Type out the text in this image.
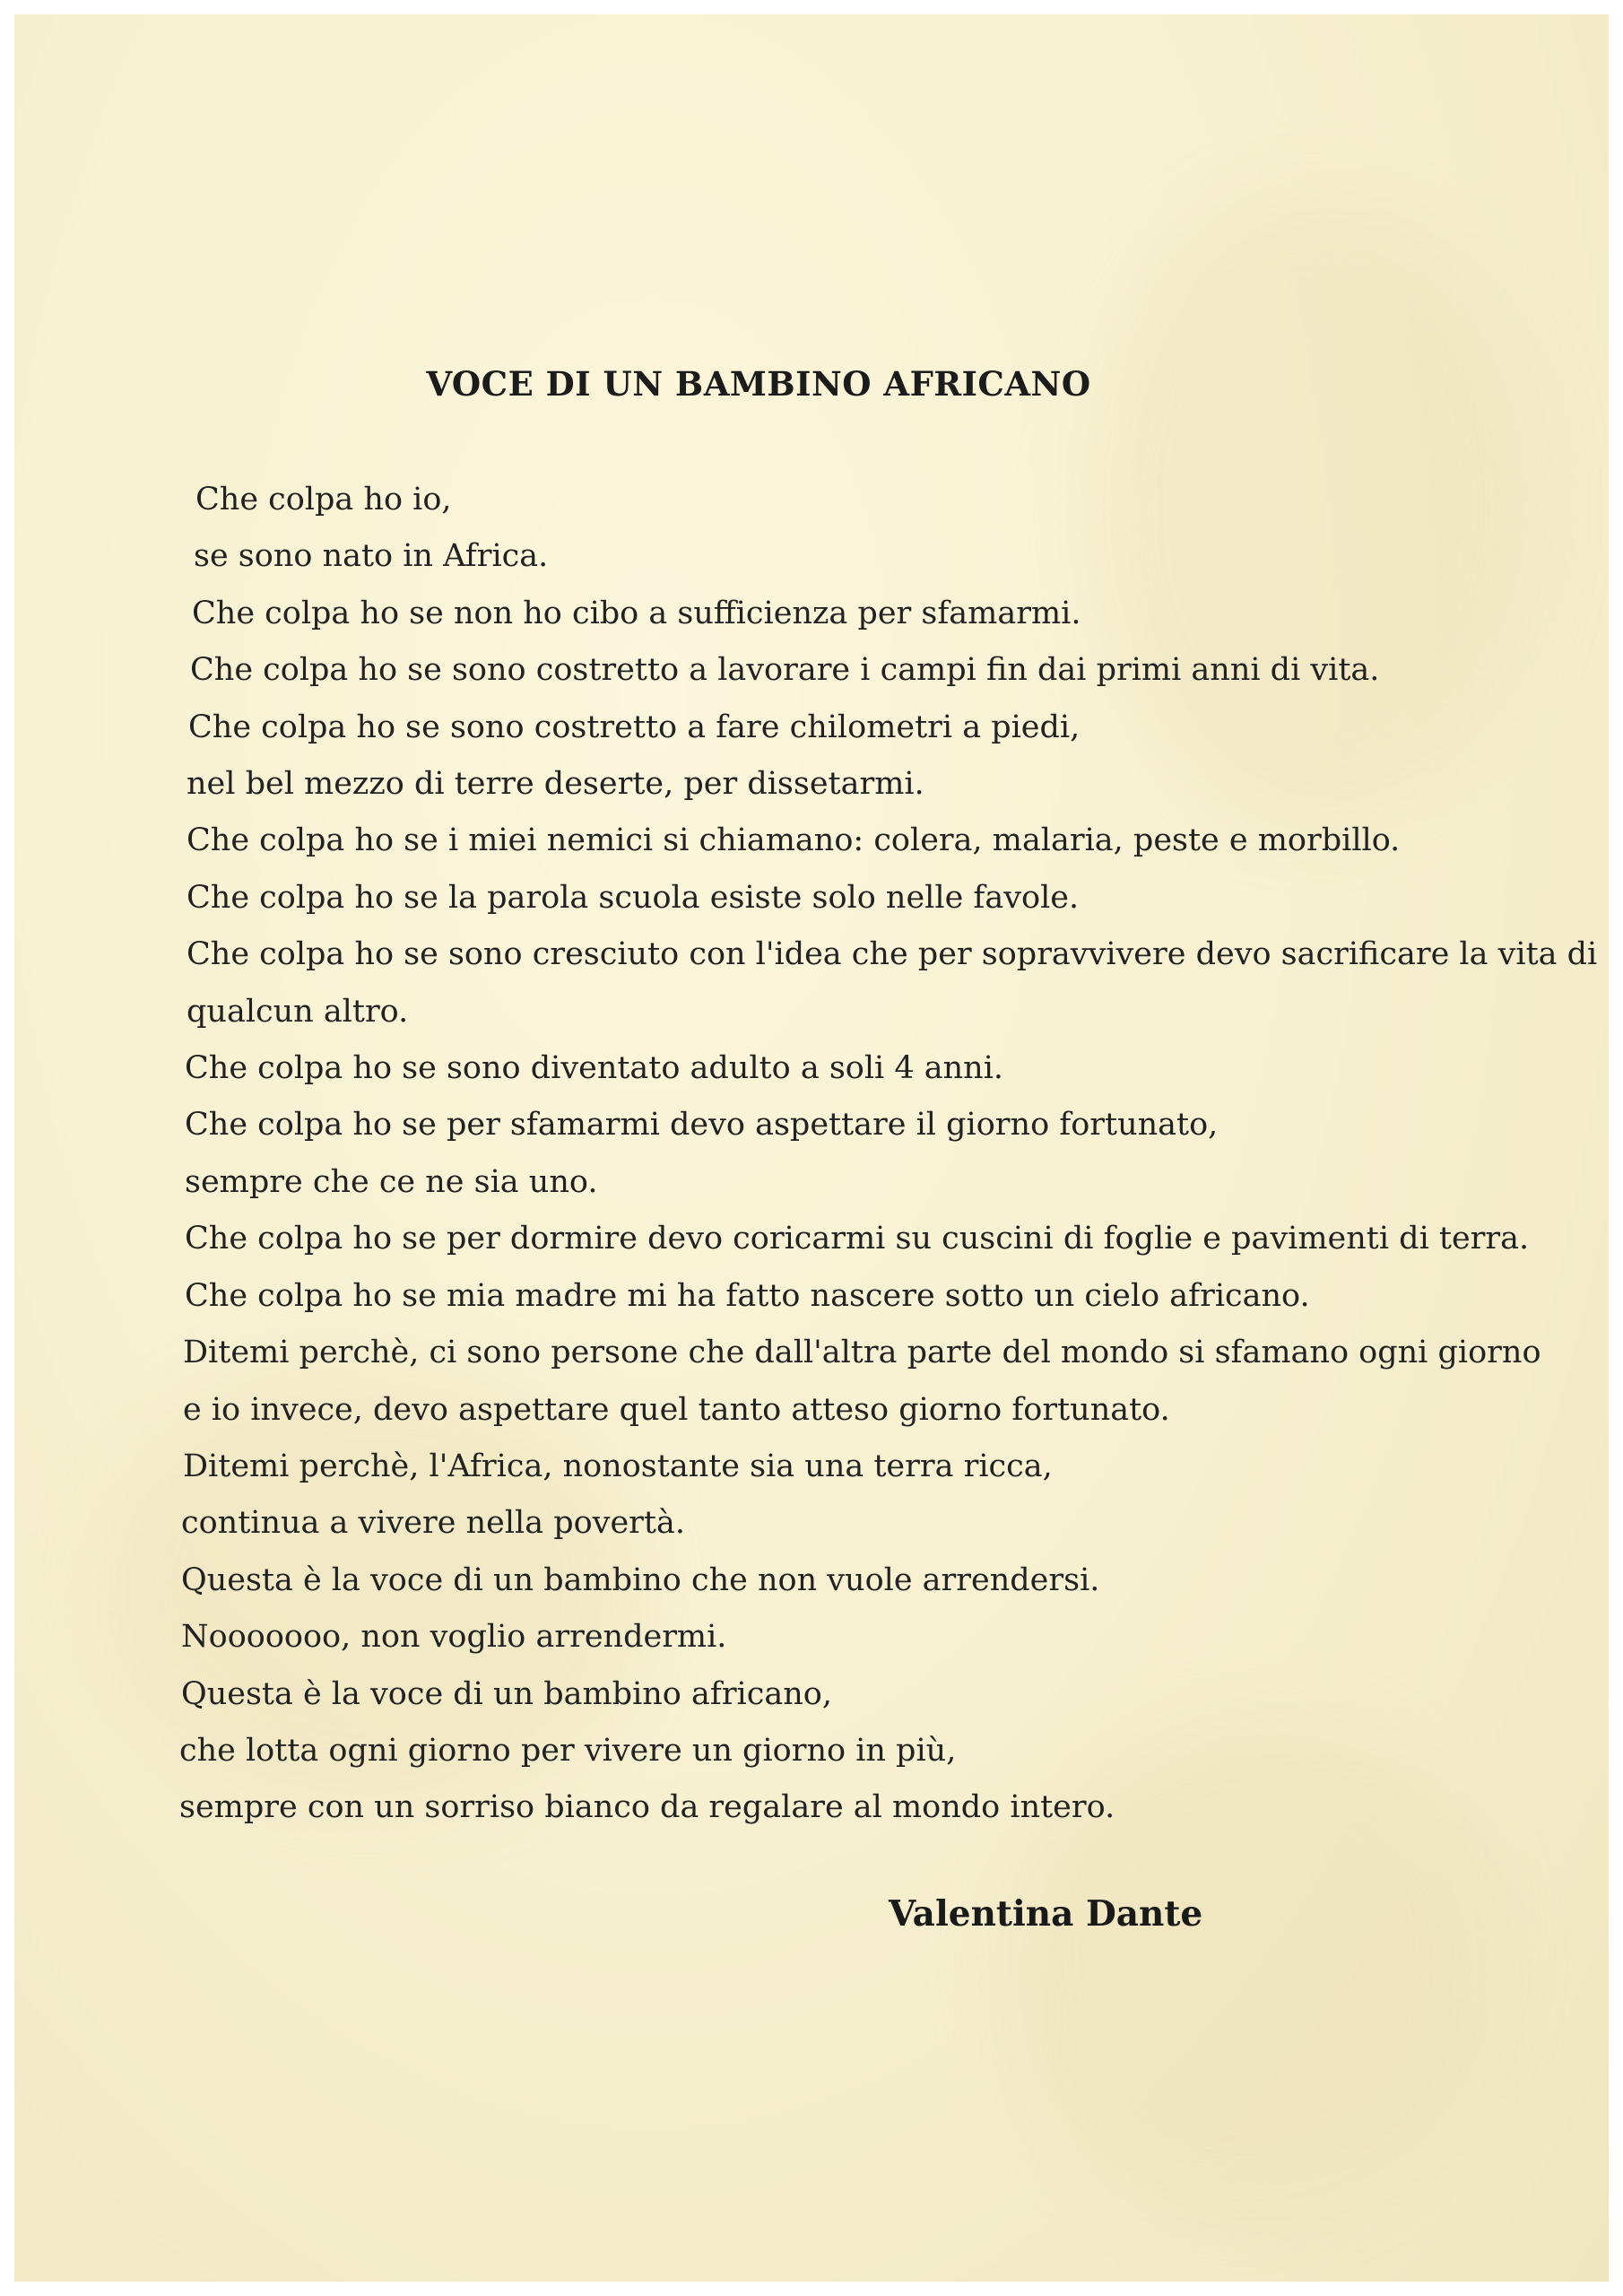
VOCE DI UN BAMBINO AFRICANO
Che colpa ho io,
se sono nato in Africa.
Che colpa ho se non ho cibo a sufficienza per sfamarmi.
Che colpa ho se sono costretto a lavorare i campi fin dai primi anni di vita.
Che colpa ho se sono costretto a fare chilometri a piedi,
nel bel mezzo di terre deserte, per dissetarmi.
Che colpa ho se i miei nemici si chiamano: colera, malaria, peste e morbillo.
Che colpa ho se la parola scuola esiste solo nelle favole.
Che colpa ho se sono cresciuto con l'idea che per sopravvivere devo sacrificare la vita di
qualcun altro.
Che colpa ho se sono diventato adulto a soli 4 anni.
Che colpa ho se per sfamarmi devo aspettare il giorno fortunato,
sempre che ce ne sia uno.
Che colpa ho se per dormire devo coricarmi su cuscini di foglie e pavimenti di terra.
Che colpa ho se mia madre mi ha fatto nascere sotto un cielo africano.
Ditemi perchè, ci sono persone che dall'altra parte del mondo si sfamano ogni giorno
e io invece, devo aspettare quel tanto atteso giorno fortunato.
Ditemi perchè, l'Africa, nonostante sia una terra ricca,
continua a vivere nella povertà.
Questa è la voce di un bambino che non vuole arrendersi.
Nooooooo, non voglio arrendermi.
Questa è la voce di un bambino africano,
che lotta ogni giorno per vivere un giorno in più,
sempre con un sorriso bianco da regalare al mondo intero.

Valentina Dante
